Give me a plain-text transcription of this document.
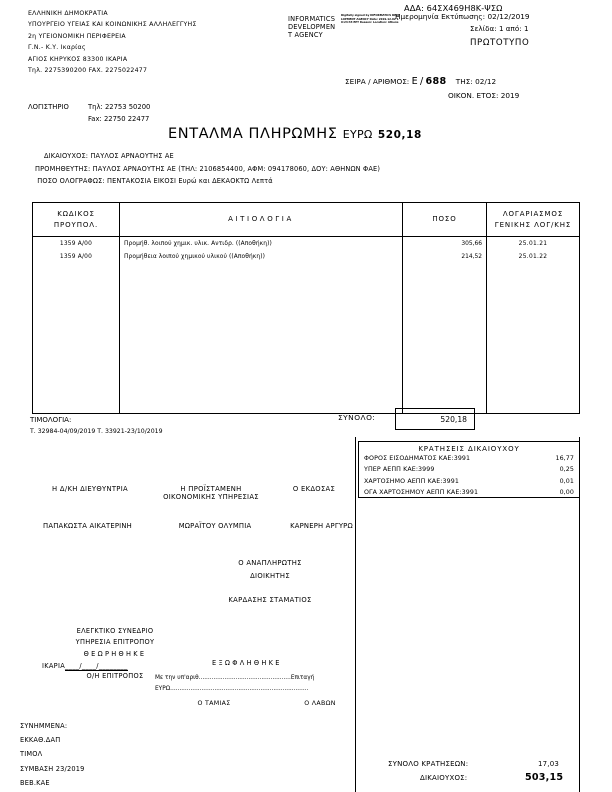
ΕΛΛΗΝΙΚΗ ΔΗΜΟΚΡΑΤΙΑ
ΥΠΟΥΡΓΕΙΟ ΥΓΕΙΑΣ ΚΑΙ ΚΟΙΝΩΝΙΚΗΣ ΑΛΛΗΛΕΓΓΥΗΣ
2η ΥΓΕΙΟΝΟΜΙΚΗ ΠΕΡΙΦΕΡΕΙΑ
Γ.Ν.- Κ.Υ. Ικαρίας
ΑΓΙΟΣ ΚΗΡΥΚΟΣ 83300 ΙΚΑΡΙΑ
Τηλ. 2275390200 FAX. 2275022477
INFORMATICS
DEVELOPMEN
T AGENCY
Digitally signed by INFORMATICS DEVELOPMENT AGENCY Date: 2019.12.02 10:24:33 EET Reason: Location: Athens
ΑΔΑ: 64ΣΧ469Η8Κ-ΨΣΩ
Ημερομηνία Εκτύπωσης: 02/12/2019
Σελίδα: 1 από: 1
ΠΡΩΤΟΤΥΠΟ
ΣΕΙΡΑ / ΑΡΙΘΜΟΣ: Ε / 688 ΤΗΣ: 02/12
ΟΙΚΟΝ. ΕΤΟΣ: 2019
ΛΟΓΙΣΤΗΡΙΟ	Τηλ: 22753 50200
Fax: 22750 22477
ΕΝΤΑΛΜΑ ΠΛΗΡΩΜΗΣ ΕΥΡΩ 520,18
ΔΙΚΑΙΟΥΧΟΣ: ΠΑΥΛΟΣ ΑΡΝΑΟΥΤΗΣ ΑΕ
ΠΡΟΜΗΘΕΥΤΗΣ: ΠΑΥΛΟΣ ΑΡΝΑΟΥΤΗΣ ΑΕ (ΤΗΛ: 2106854400, ΑΦΜ: 094178060, ΔΟΥ: ΑΘΗΝΩΝ ΦΑΕ)
ΠΟΣΟ ΟΛΟΓΡΑΦΩΣ: ΠΕΝΤΑΚΟΣΙΑ ΕΙΚΟΣΙ Ευρώ και ΔΕΚΑΟΚΤΩ Λεπτά
ΚΩΔΙΚΟΣ
ΠΡΟΥΠΟΛ.
ΑΙΤΙΟΛΟΓΙΑ	ΠΟΣΟ
ΛΟΓΑΡΙΑΣΜΟΣ
ΓΕΝΙΚΗΣ ΛΟΓ/ΚΗΣ
1359 Α/00	Προμήθ. λοιπού χημικ. υλικ. Αντιδρ. ((Αποθήκη))	305,66	25.01.21
1359 Α/00	Προμήθεια λοιπού χημικού υλικού ((Αποθήκη))	214,52	25.01.22
ΤΙΜΟΛΟΓΙΑ:
Τ. 32984-04/09/2019 Τ. 33921-23/10/2019
ΣΥΝΟΛΟ:	520,18
ΚΡΑΤΗΣΕΙΣ ΔΙΚΑΙΟΥΧΟΥ
ΦΟΡΟΣ ΕΙΣΟΔΗΜΑΤΟΣ ΚΑΕ:3991	16,77
ΥΠΕΡ ΑΕΠΠ ΚΑΕ:3999	0,25
ΧΑΡΤΟΣΗΜΟ ΑΕΠΠ ΚΑΕ:3991	0,01
ΟΓΑ ΧΑΡΤΟΣΗΜΟΥ ΑΕΠΠ ΚΑΕ:3991	0,00
Η Δ/ΚΗ ΔΙΕΥΘΥΝΤΡΙΑ	Η ΠΡΟΪΣΤΑΜΕΝΗ	Ο ΕΚΔΟΣΑΣ
ΟΙΚΟΝΟΜΙΚΗΣ ΥΠΗΡΕΣΙΑΣ
ΠΑΠΑΚΩΣΤΑ ΑΙΚΑΤΕΡΙΝΗ	ΜΩΡΑΪΤΟΥ ΟΛΥΜΠΙΑ	ΚΑΡΝΕΡΗ ΑΡΓΥΡΩ
Ο ΑΝΑΠΛΗΡΩΤΗΣ
ΔΙΟΙΚΗΤΗΣ
ΚΑΡΔΑΣΗΣ ΣΤΑΜΑΤΙΟΣ
ΕΛΕΓΚΤΙΚΟ ΣΥΝΕΔΡΙΟ
ΥΠΗΡΕΣΙΑ ΕΠΙΤΡΟΠΟΥ
ΘΕΩΡΗΘΗΚΕ
ΙΚΑΡΙΑ____/____/________
Ο/Η ΕΠΙΤΡΟΠΟΣ
ΕΞΩΦΛΗΘΗΚΕ
Με την υπ'αριθ..................................................Επιταγή
ΕΥΡΩ...........................................................................
Ο ΤΑΜΙΑΣ	Ο ΛΑΒΩΝ
ΣΥΝΗΜΜΕΝΑ:
ΕΚΚΑΘ.ΔΑΠ
ΤΙΜΟΛ
ΣΥΜΒΑΣΗ 23/2019
ΒΕΒ.ΚΑΕ
ΣΥΝΟΛΟ ΚΡΑΤΗΣΕΩΝ:	17,03
ΔΙΚΑΙΟΥΧΟΣ:	503,15
